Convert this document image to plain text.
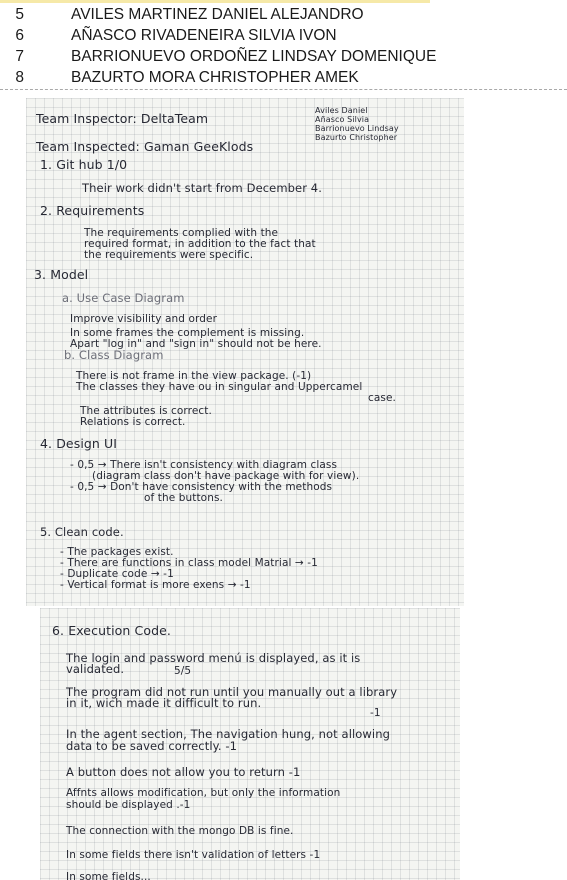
5	AVILES MARTINEZ DANIEL ALEJANDRO
6	AÑASCO RIVADENEIRA SILVIA IVON
7	BARRIONUEVO ORDOÑEZ LINDSAY DOMENIQUE
8	BAZURTO MORA CHRISTOPHER AMEK
Team Inspector: DeltaTeam
Team Inspected: Gaman GeeKlods
Aviles Daniel
Añasco Silvia
Barrionuevo Lindsay
Bazurto Christopher
1. Git hub 1/0
Their work didn't start from December 4.
2. Requirements
The requirements complied with the
required format, in addition to the fact that
the requirements were specific.
3. Model
a. Use Case Diagram
Improve visibility and order
In some frames the complement is missing.
Apart "log in" and "sign in" should not be here.
b. Class Diagram
There is not frame in the view package. (-1)
The classes they have ou in singular and Uppercamel
case.
The attributes is correct.
Relations is correct.
4. Design UI
- 0,5 → There isn't consistency with diagram class
(diagram class don't have package with for view).
- 0,5 → Don't have consistency with the methods
of the buttons.
5. Clean code.
- The packages exist.
- There are functions in class model Matrial → -1
- Duplicate code → -1
- Vertical format is more exens → -1
6. Execution Code.
The login and password menú is displayed, as it is
validated.	5/5
The program did not run until you manually out a library
in it, wich made it difficult to run.
-1
In the agent section, The navigation hung, not allowing
data to be saved correctly. -1
A button does not allow you to return -1
Affnts allows modification, but only the information
should be displayed .-1
The connection with the mongo DB is fine.
In some fields there isn't validation of letters -1
In some fields...
